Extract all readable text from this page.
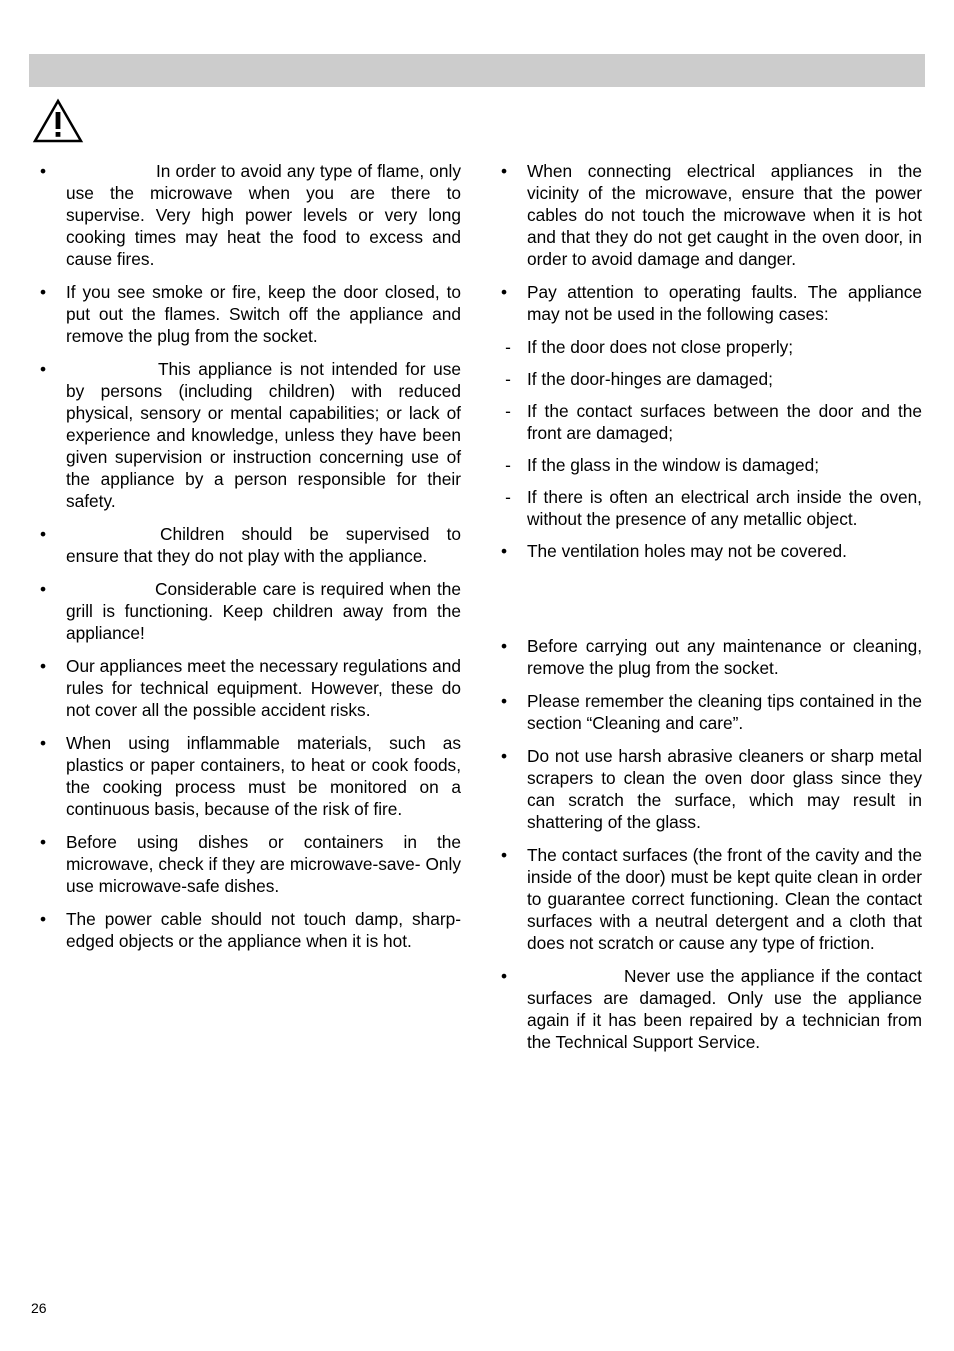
•	In order to avoid any type of flame, only use the microwave when you are there to supervise. Very high power levels or very long cooking times may heat the food to excess and cause fires.
• If you see smoke or fire, keep the door closed, to put out the flames. Switch off the appliance and remove the plug from the socket.
•	This appliance is not intended for use by persons (including children) with reduced physical, sensory or mental capabilities; or lack of experience and knowledge, unless they have been given supervision or instruction concerning use of the appliance by a person responsible for their safety.
•	Children should be supervised to ensure that they do not play with the appliance.
•	Considerable care is required when the grill is functioning. Keep children away from the appliance!
• Our appliances meet the necessary regulations and rules for technical equipment. However, these do not cover all the possible accident risks.
• When using inflammable materials, such as plastics or paper containers, to heat or cook foods, the cooking process must be monitored on a continuous basis, because of the risk of fire.
• Before using dishes or containers in the microwave, check if they are microwave-save- Only use microwave-safe dishes.
• The power cable should not touch damp, sharp-edged objects or the appliance when it is hot.
• When connecting electrical appliances in the vicinity of the microwave, ensure that the power cables do not touch the microwave when it is hot and that they do not get caught in the oven door, in order to avoid damage and danger.
• Pay attention to operating faults. The appliance may not be used in the following cases:
- If the door does not close properly;
- If the door-hinges are damaged;
- If the contact surfaces between the door and the front are damaged;
- If the glass in the window is damaged;
- If there is often an electrical arch inside the oven, without the presence of any metallic object.
• The ventilation holes may not be covered.
• Before carrying out any maintenance or cleaning, remove the plug from the socket.
• Please remember the cleaning tips contained in the section “Cleaning and care”.
• Do not use harsh abrasive cleaners or sharp metal scrapers to clean the oven door glass since they can scratch the surface, which may result in shattering of the glass.
• The contact surfaces (the front of the cavity and the inside of the door) must be kept quite clean in order to guarantee correct functioning. Clean the contact surfaces with a neutral detergent and a cloth that does not scratch or cause any type of friction.
•	Never use the appliance if the contact surfaces are damaged. Only use the appliance again if it has been repaired by a technician from the Technical Support Service.
26
